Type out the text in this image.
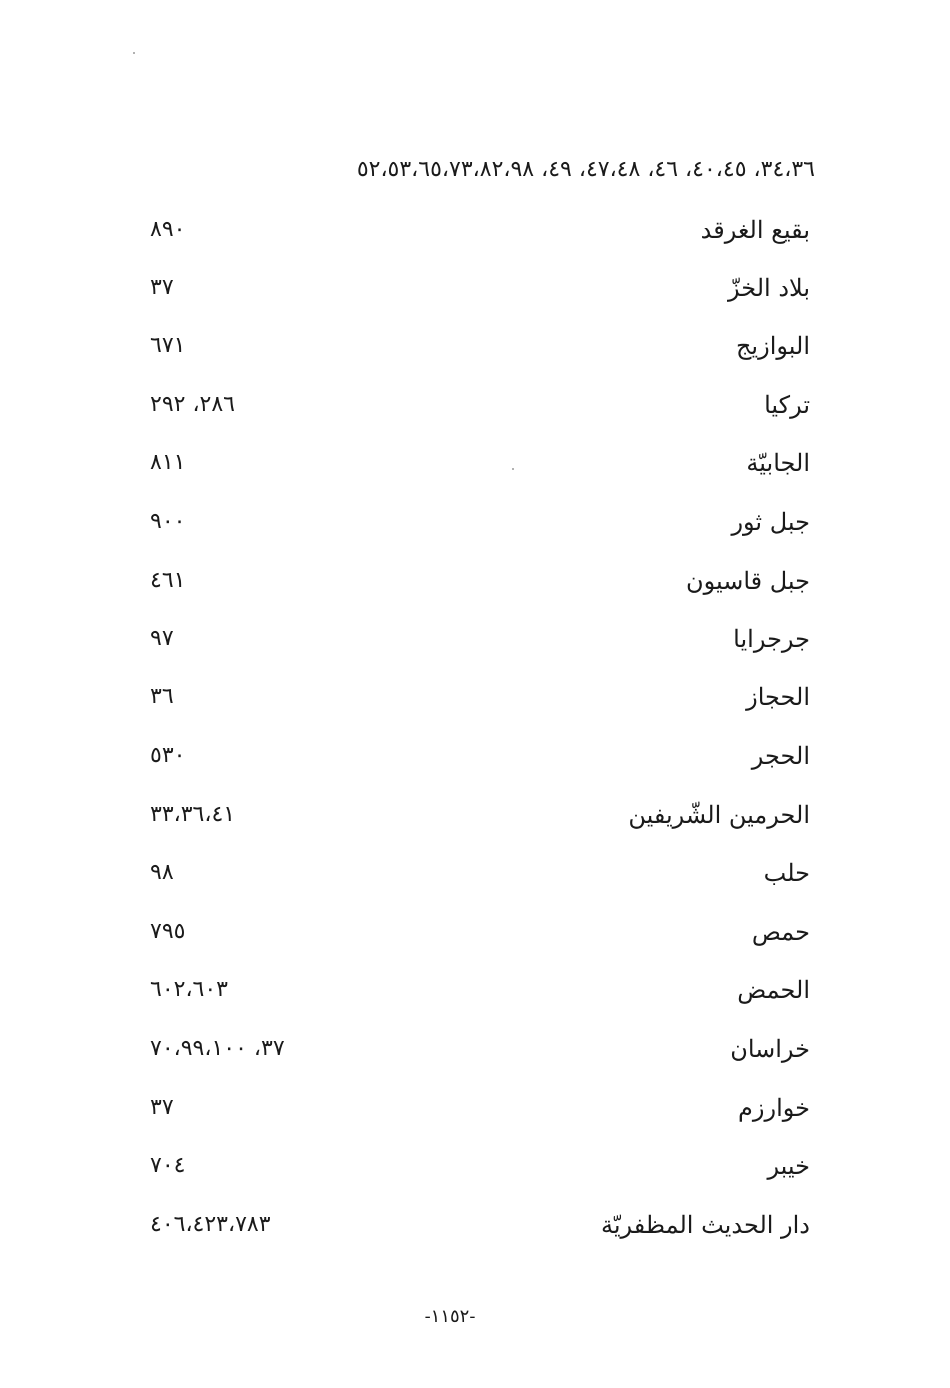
٣٤،٣٦، ٤٠،٤٥، ٤٦، ٤٧،٤٨، ٤٩، ٥٢،٥٣،٦٥،٧٣،٨٢،٩٨
بقيع الغرقد
٨٩٠
بلاد الخزّ
٣٧
البوازيج
٦٧١
تركيا
٢٨٦، ٢٩٢
الجابيّة
٨١١
جبل ثور
٩٠٠
جبل قاسيون
٤٦١
جرجرايا
٩٧
الحجاز
٣٦
الحجر
٥٣٠
الحرمين الشّريفين
٣٣،٣٦،٤١
حلب
٩٨
حمص
٧٩٥
الحمض
٦٠٢،٦٠٣
خراسان
٣٧، ٧٠،٩٩،١٠٠
خوارزم
٣٧
خيبر
٧٠٤
دار الحديث المظفريّة
٤٠٦،٤٢٣،٧٨٣
-١١٥٢-
